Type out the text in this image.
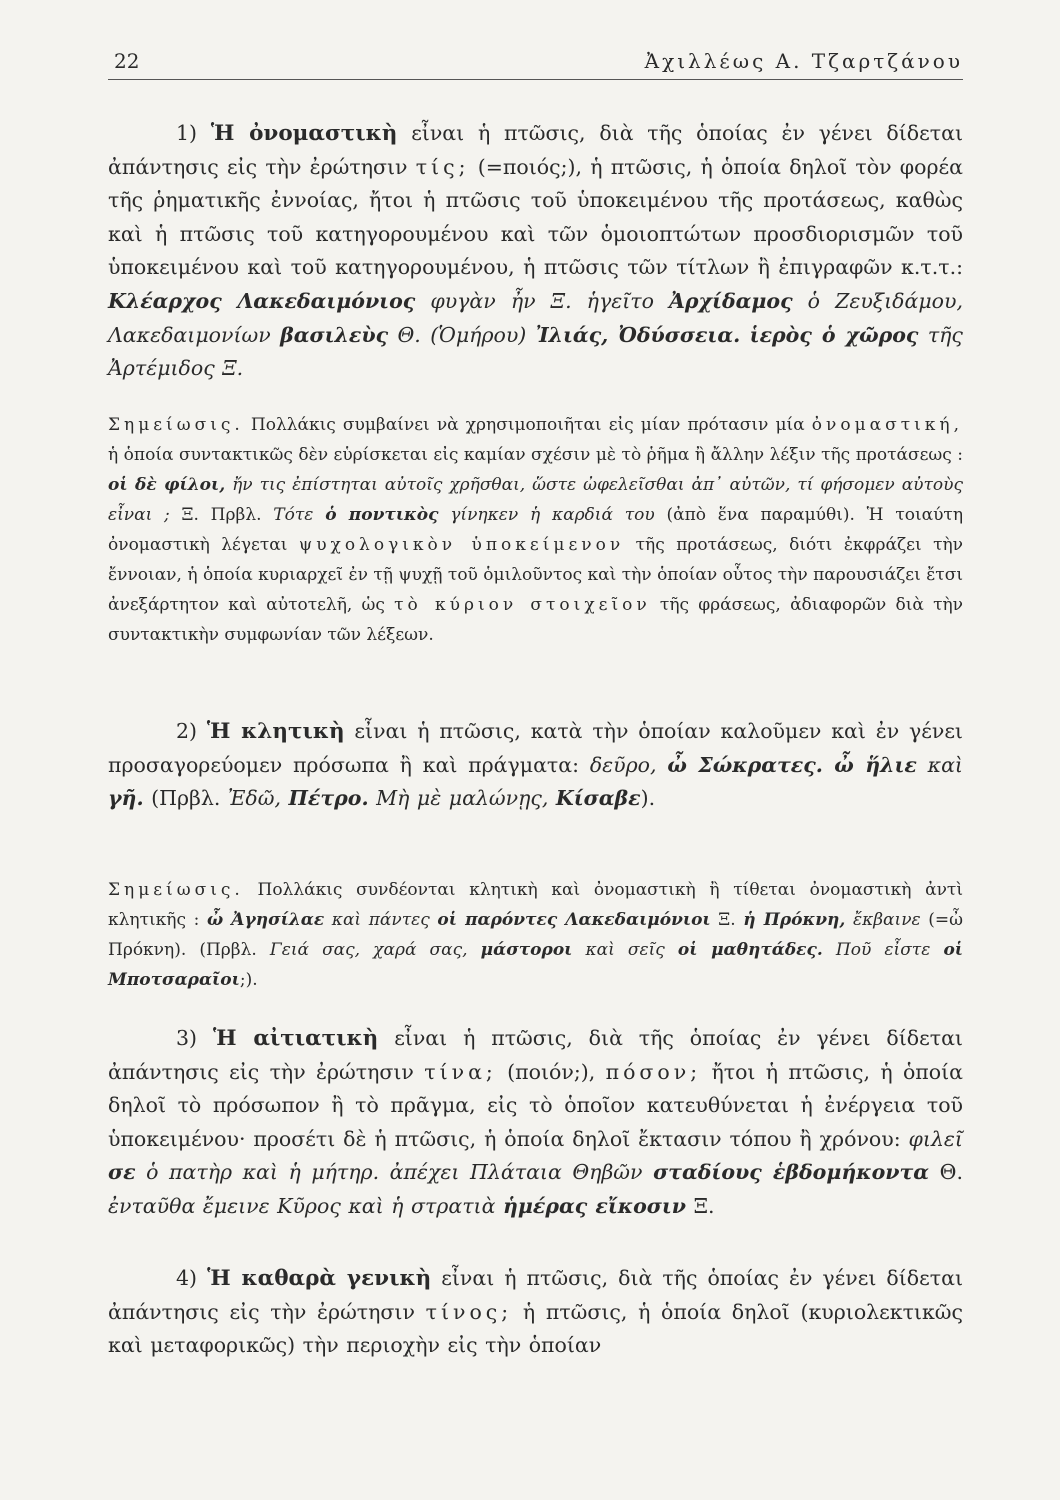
22	Ἀχιλλέως Α. Τζαρτζάνου

1) Ἡ ὀνομαστικὴ εἶναι ἡ πτῶσις, διὰ τῆς ὁποίας ἐν γένει δίδεται ἀπάντησις εἰς τὴν ἐρώτησιν τίς; (=ποιός;), ἡ πτῶσις, ἡ ὁποία δηλοῖ τὸν φορέα τῆς ῥηματικῆς ἐννοίας, ἤτοι ἡ πτῶσις τοῦ ὑποκειμένου τῆς προτάσεως, καθὼς καὶ ἡ πτῶσις τοῦ κατηγορουμένου καὶ τῶν ὁμοιοπτώτων προσδιορισμῶν τοῦ ὑποκειμένου καὶ τοῦ κατηγορουμένου, ἡ πτῶσις τῶν τίτλων ἢ ἐπιγραφῶν κ.τ.τ.: Κλέαρχος Λακεδαιμόνιος φυγὰν ἦν Ξ. ἡγεῖτο Ἀρχίδαμος ὁ Ζευξιδάμου, Λακεδαιμονίων βασιλεὺς Θ. (Ὁμήρου) Ἰλιάς, Ὀδύσσεια. ἱερὸς ὁ χῶρος τῆς Ἀρτέμιδος Ξ.

Σημείωσις. Πολλάκις συμβαίνει νὰ χρησιμοποιῆται εἰς μίαν πρότασιν μία ὀνομαστική, ἡ ὁποία συντακτικῶς δὲν εὑρίσκεται εἰς καμίαν σχέσιν μὲ τὸ ῥῆμα ἢ ἄλλην λέξιν τῆς προτάσεως : οἱ δὲ φίλοι, ἤν τις ἐπίστηται αὐτοῖς χρῆσθαι, ὥστε ὠφελεῖσθαι ἀπ᾽ αὐτῶν, τί φήσομεν αὐτοὺς εἶναι ; Ξ. Πρβλ. Τότε ὁ ποντικὸς γίνηκεν ἡ καρδιά του (ἀπὸ ἕνα παραμύθι). Ἡ τοιαύτη ὀνομαστικὴ λέγεται ψυχολογικὸν ὑποκείμενον τῆς προτάσεως, διότι ἐκφράζει τὴν ἔννοιαν, ἡ ὁποία κυριαρχεῖ ἐν τῇ ψυχῇ τοῦ ὁμιλοῦντος καὶ τὴν ὁποίαν οὗτος τὴν παρουσιάζει ἔτσι ἀνεξάρτητον καὶ αὐτοτελῆ, ὡς τὸ κύριον στοιχεῖον τῆς φράσεως, ἀδιαφορῶν διὰ τὴν συντακτικὴν συμφωνίαν τῶν λέξεων.

2) Ἡ κλητικὴ εἶναι ἡ πτῶσις, κατὰ τὴν ὁποίαν καλοῦμεν καὶ ἐν γένει προσαγορεύομεν πρόσωπα ἢ καὶ πράγματα: δεῦρο, ὦ Σώκρατες. ὦ ἥλιε καὶ γῆ. (Πρβλ. Ἐδῶ, Πέτρο. Μὴ μὲ μαλώνῃς, Κίσαβε).

Σημείωσις. Πολλάκις συνδέονται κλητικὴ καὶ ὀνομαστικὴ ἢ τίθεται ὀνομαστικὴ ἀντὶ κλητικῆς : ὦ Ἀγησίλαε καὶ πάντες οἱ παρόντες Λακεδαιμόνιοι Ξ. ἡ Πρόκνη, ἔκβαινε (=ὦ Πρόκνη). (Πρβλ. Γειά σας, χαρά σας, μάστοροι καὶ σεῖς οἱ μαθητάδες. Ποῦ εἶστε οἱ Μποτσαραῖοι;).

3) Ἡ αἰτιατικὴ εἶναι ἡ πτῶσις, διὰ τῆς ὁποίας ἐν γένει δίδεται ἀπάντησις εἰς τὴν ἐρώτησιν τίνα; (ποιόν;), πόσον; ἤτοι ἡ πτῶσις, ἡ ὁποία δηλοῖ τὸ πρόσωπον ἢ τὸ πρᾶγμα, εἰς τὸ ὁποῖον κατευθύνεται ἡ ἐνέργεια τοῦ ὑποκειμένου· προσέτι δὲ ἡ πτῶσις, ἡ ὁποία δηλοῖ ἔκτασιν τόπου ἢ χρόνου: φιλεῖ σε ὁ πατὴρ καὶ ἡ μήτηρ. ἀπέχει Πλάταια Θηβῶν σταδίους ἑβδομήκοντα Θ. ἐνταῦθα ἔμεινε Κῦρος καὶ ἡ στρατιὰ ἡμέρας εἴκοσιν Ξ.

4) Ἡ καθαρὰ γενικὴ εἶναι ἡ πτῶσις, διὰ τῆς ὁποίας ἐν γένει δίδεται ἀπάντησις εἰς τὴν ἐρώτησιν τίνος; ἡ πτῶσις, ἡ ὁποία δηλοῖ (κυριολεκτικῶς καὶ μεταφορικῶς) τὴν περιοχὴν εἰς τὴν ὁποίαν
